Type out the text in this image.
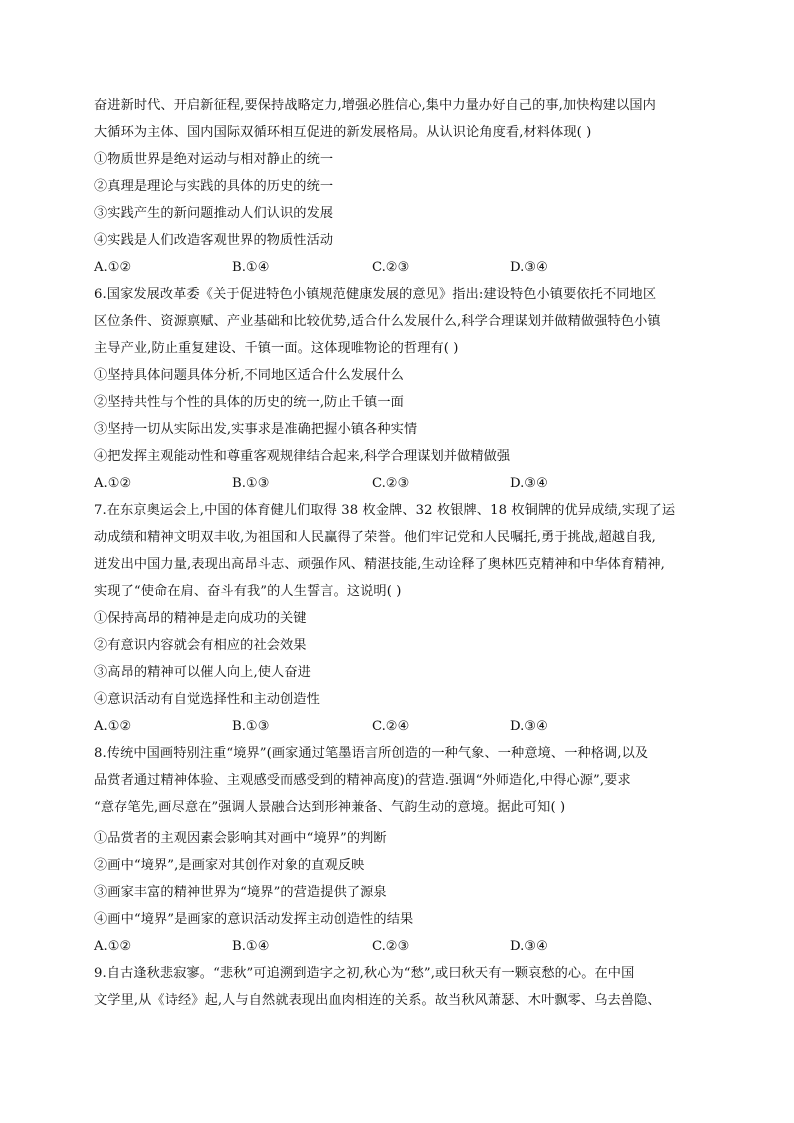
奋进新时代、开启新征程,要保持战略定力,增强必胜信心,集中力量办好自己的事,加快构建以国内
大循环为主体、国内国际双循环相互促进的新发展格局。从认识论角度看,材料体现( )
①物质世界是绝对运动与相对静止的统一
②真理是理论与实践的具体的历史的统一
③实践产生的新问题推动人们认识的发展
④实践是人们改造客观世界的物质性活动
A.①②	B.①④	C.②③	D.③④
6.国家发展改革委《关于促进特色小镇规范健康发展的意见》指出:建设特色小镇要依托不同地区
区位条件、资源禀赋、产业基础和比较优势,适合什么发展什么,科学合理谋划并做精做强特色小镇
主导产业,防止重复建设、千镇一面。这体现唯物论的哲理有( )
①坚持具体问题具体分析,不同地区适合什么发展什么
②坚持共性与个性的具体的历史的统一,防止千镇一面
③坚持一切从实际出发,实事求是准确把握小镇各种实情
④把发挥主观能动性和尊重客观规律结合起来,科学合理谋划并做精做强
A.①②	B.①③	C.②③	D.③④
7.在东京奥运会上,中国的体育健儿们取得 38 枚金牌、32 枚银牌、18 枚铜牌的优异成绩,实现了运
动成绩和精神文明双丰收,为祖国和人民赢得了荣誉。他们牢记党和人民嘱托,勇于挑战,超越自我,
迸发出中国力量,表现出高昂斗志、顽强作风、精湛技能,生动诠释了奥林匹克精神和中华体育精神,
实现了“使命在肩、奋斗有我”的人生誓言。这说明( )
①保持高昂的精神是走向成功的关键
②有意识内容就会有相应的社会效果
③高昂的精神可以催人向上,使人奋进
④意识活动有自觉选择性和主动创造性
A.①②	B.①③	C.②④	D.③④
8.传统中国画特别注重“境界”(画家通过笔墨语言所创造的一种气象、一种意境、一种格调,以及
品赏者通过精神体验、主观感受而感受到的精神高度)的营造.强调“外师造化,中得心源”,要求
“意存笔先,画尽意在”强调人景融合达到形神兼备、气韵生动的意境。据此可知( )
①品赏者的主观因素会影响其对画中“境界”的判断
②画中“境界”,是画家对其创作对象的直观反映
③画家丰富的精神世界为“境界”的营造提供了源泉
④画中“境界”是画家的意识活动发挥主动创造性的结果
A.①②	B.①④	C.②③	D.③④
9.自古逢秋悲寂寥。“悲秋”可追溯到造字之初,秋心为“愁”,或曰秋天有一颗哀愁的心。在中国
文学里,从《诗经》起,人与自然就表现出血肉相连的关系。故当秋风萧瑟、木叶飘零、乌去兽隐、
